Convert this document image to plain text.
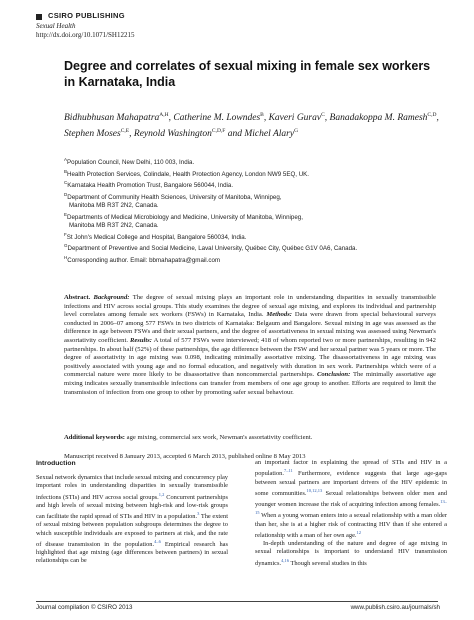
CSIRO PUBLISHING
Sexual Health
http://dx.doi.org/10.1071/SH12215
Degree and correlates of sexual mixing in female sex workers in Karnataka, India
Bidhubhusan Mahapatra$^{A,H}$, Catherine M. Lowndes$^B$, Kaveri Gurav$^C$, Banadakoppa M. Ramesh$^{C,D}$, Stephen Moses$^{C,E}$, Reynold Washington$^{C,D,F}$ and Michel Alary$^G$
$^A$Population Council, New Delhi, 110 003, India.
$^B$Health Protection Services, Colindale, Health Protection Agency, London NW9 5EQ, UK.
$^C$Karnataka Health Promotion Trust, Bangalore 560044, India.
$^D$Department of Community Health Sciences, University of Manitoba, Winnipeg,
Manitoba MB R3T 2N2, Canada.
$^E$Departments of Medical Microbiology and Medicine, University of Manitoba, Winnipeg,
Manitoba MB R3T 2N2, Canada.
$^F$St John's Medical College and Hospital, Bangalore 560034, India.
$^G$Department of Preventive and Social Medicine, Laval University, Québec City, Québec G1V 0A6, Canada.
$^H$Corresponding author. Email: bbmahapatra@gmail.com
Abstract. Background: The degree of sexual mixing plays an important role in understanding disparities in sexually transmissible infections and HIV across social groups. This study examines the degree of sexual age mixing, and explores its individual and partnership level correlates among female sex workers (FSWs) in Karnataka, India. Methods: Data were drawn from special behavioural surveys conducted in 2006–07 among 577 FSWs in two districts of Karnataka: Belgaum and Bangalore. Sexual mixing in age was assessed as the difference in age between FSWs and their sexual partners, and the degree of assortativeness in sexual mixing was assessed using Newman's assortativity coefficient. Results: A total of 577 FSWs were interviewed; 418 of whom reported two or more partnerships, resulting in 942 partnerships. In about half (52%) of these partnerships, the age difference between the FSW and her sexual partner was 5 years or more. The degree of assortativity in age mixing was 0.098, indicating minimally assortative mixing. The disassortativeness in age mixing was positively associated with young age and no formal education, and negatively with duration in sex work. Partnerships which were of a commercial nature were more likely to be disassortative than noncommercial partnerships. Conclusion: The minimally assortative age mixing indicates sexually transmissible infections can transfer from members of one age group to another. Efforts are required to limit the transmission of infection from one group to other by promoting safer sexual behaviour.
Additional keywords: age mixing, commercial sex work, Newman's assortativity coefficient.
Manuscript received 8 January 2013, accepted 6 March 2013, published online 8 May 2013
Introduction

Sexual network dynamics that include sexual mixing and concurrency play important roles in understanding disparities in sexually transmissible infections (STIs) and HIV across social groups.$^{1,2}$ Concurrent partnerships and high levels of sexual mixing between high-risk and low-risk groups can facilitate the rapid spread of STIs and HIV in a population.$^3$ The extent of sexual mixing between population subgroups determines the degree to which susceptible individuals are exposed to partners at risk, and the rate of disease transmission in the population.$^{4-6}$ Empirical research has highlighted that age mixing (age differences between partners) in sexual relationships can be

an important factor in explaining the spread of STIs and HIV in a population.$^{7-11}$ Furthermore, evidence suggests that large age-gaps between sexual partners are important drivers of the HIV epidemic in some communities.$^{10,12,13}$ Sexual relationships between older men and younger women increase the risk of acquiring infection among females.$^{13-15}$ When a young woman enters into a sexual relationship with a man older than her, she is at a higher risk of contracting HIV than if she entered a relationship with a man of her own age.$^{12}$

In-depth understanding of the nature and degree of age mixing in sexual relationships is important to understand HIV transmission dynamics.$^{4,16}$ Though several studies in this

Journal compilation © CSIRO 2013	www.publish.csiro.au/journals/sh
